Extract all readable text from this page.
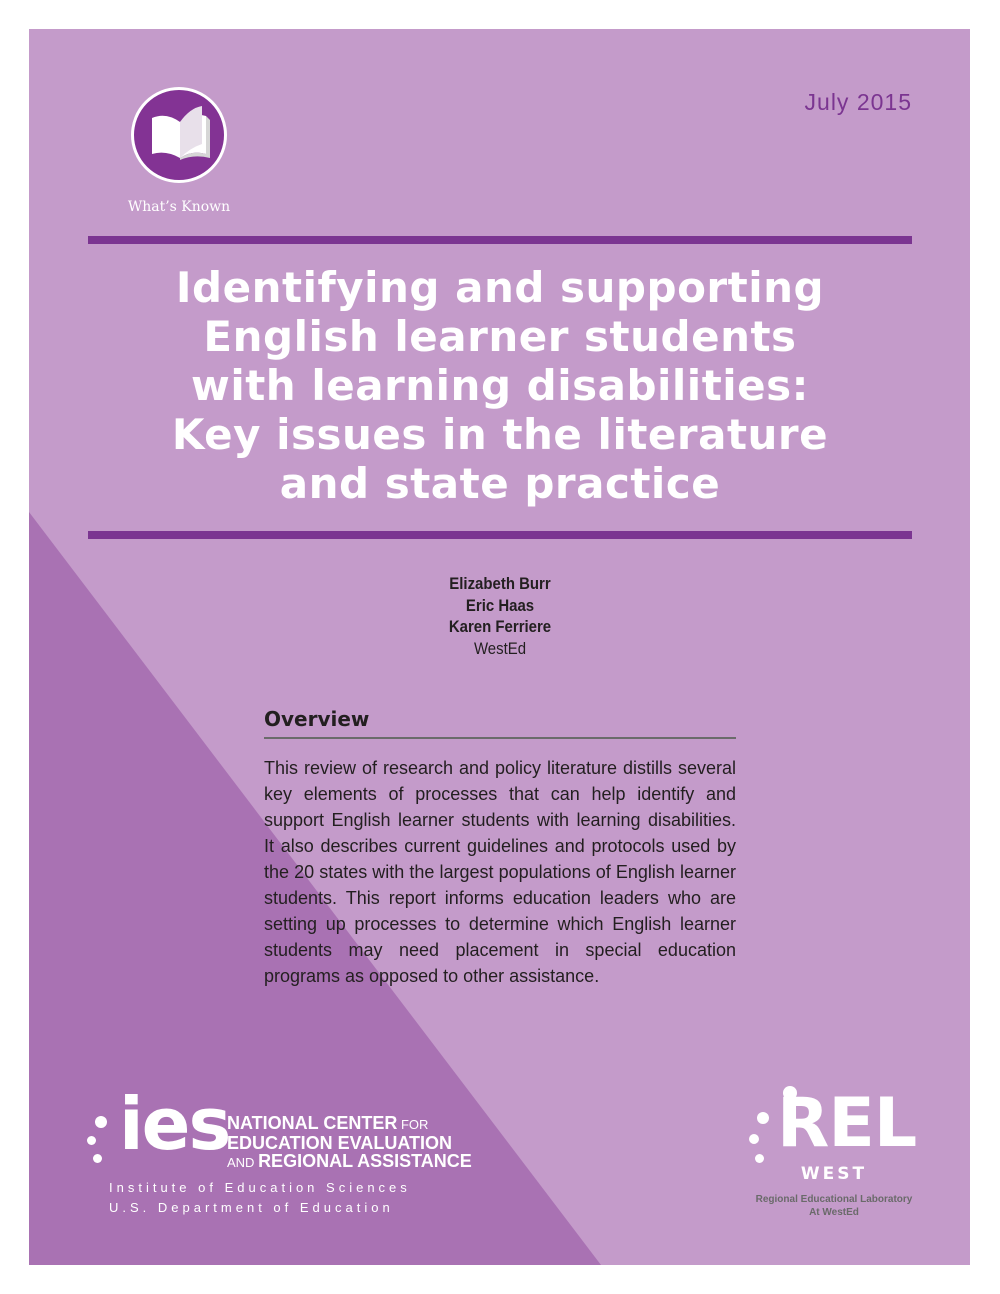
July 2015
What’s Known
Identifying and supporting
English learner students
with learning disabilities:
Key issues in the literature
and state practice
Elizabeth Burr
Eric Haas
Karen Ferriere
WestEd
Overview

This review of research and policy literature distills several key elements of processes that can help identify and support English learner students with learning disabilities. It also describes current guidelines and protocols used by the 20 states with the largest populations of English learner students. This report informs education leaders who are setting up processes to determine which English learner students may need placement in special education programs as opposed to other assistance.

ies
NATIONAL CENTER FOR
EDUCATION EVALUATION
AND REGIONAL ASSISTANCE
Institute of Education Sciences
U.S. Department of Education
REL
WEST
Regional Educational Laboratory
At WestEd
